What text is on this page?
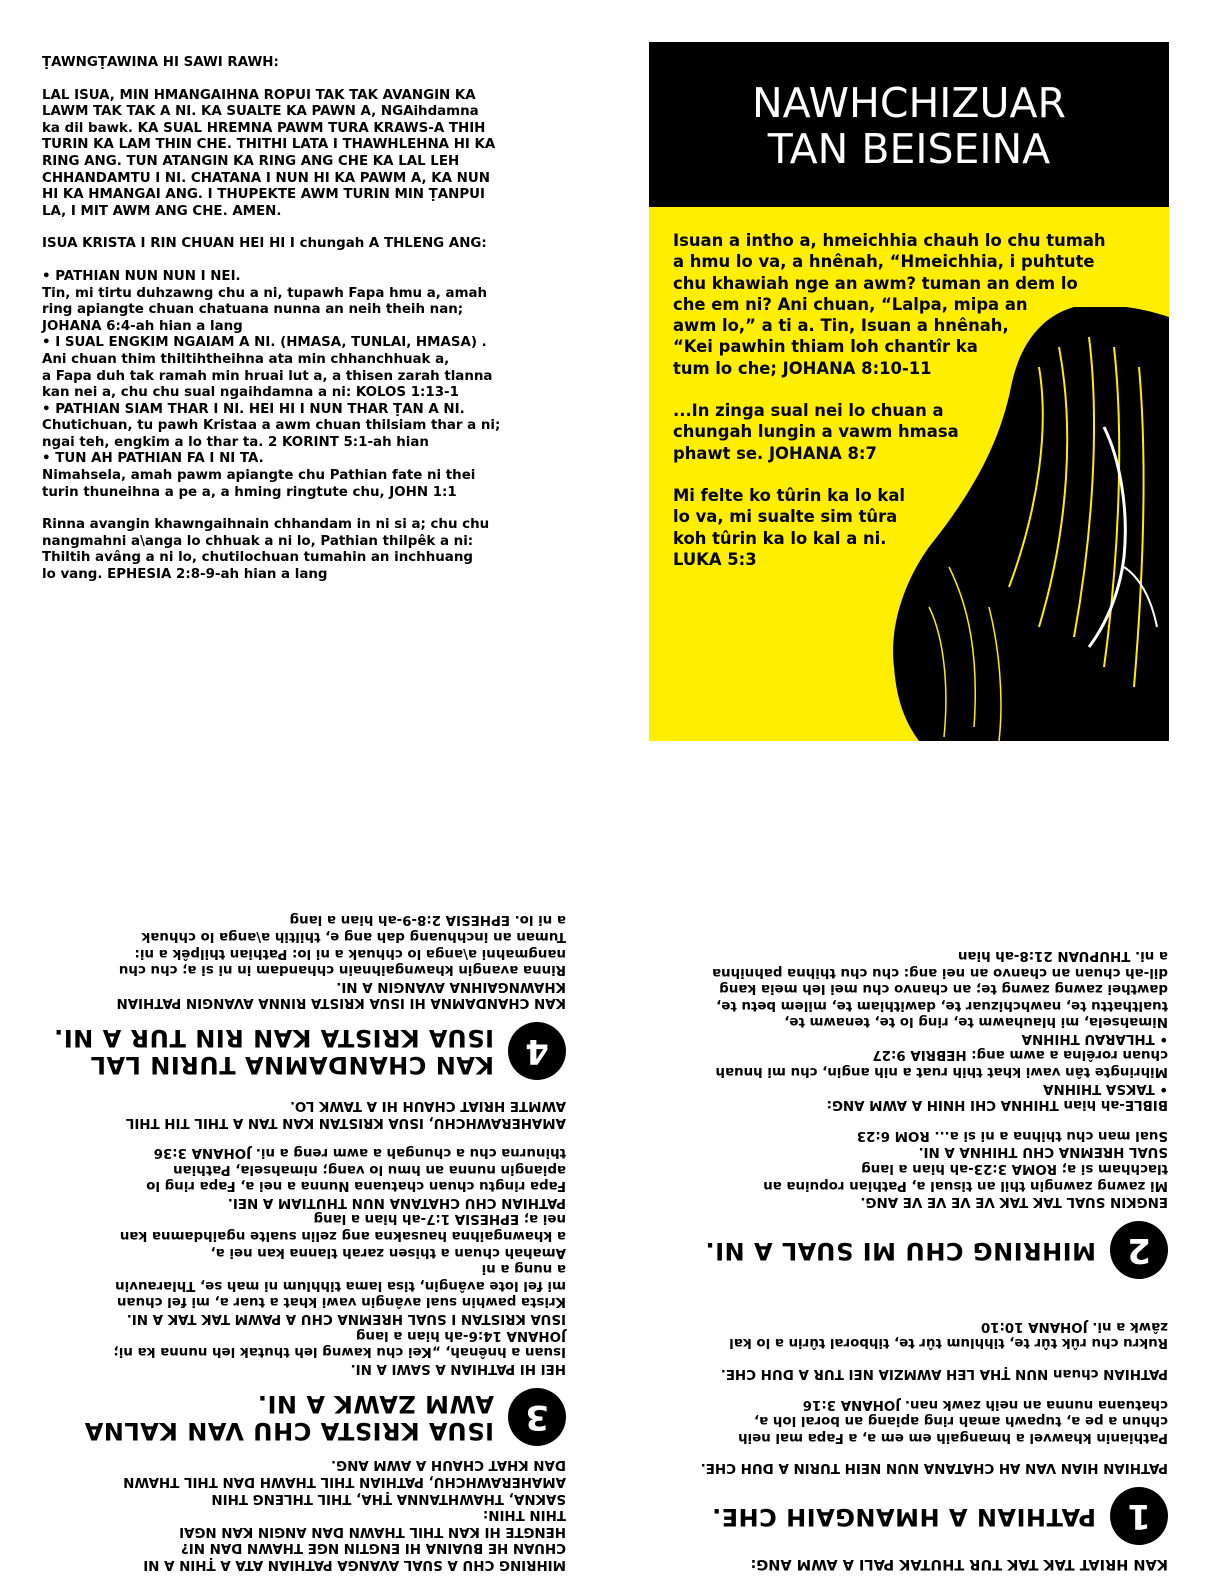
ṬAWNGṬAWINA HI SAWI RAWH:

LAL ISUA, MIN HMANGAIHNA ROPUI TAK TAK AVANGIN KA
LAWM TAK TAK A NI. KA SUALTE KA PAWN A, NGAihdamna
ka dil bawk. KA SUAL HREMNA PAWM TURA KRAWS-A THIH
TURIN KA LAM THIN CHE. THITHI LATA I THAWHLEHNA HI KA
RING ANG. TUN ATANGIN KA RING ANG CHE KA LAL LEH
CHHANDAMTU I NI. CHATANA I NUN HI KA PAWM A, KA NUN
HI KA HMANGAI ANG. I THUPEKTE AWM TURIN MIN ṬANPUI
LA, I MIT AWM ANG CHE. AMEN.

ISUA KRISTA I RIN CHUAN HEI HI I chungah A THLENG ANG:

• PATHIAN NUN NUN I NEI.
Tin, mi tirtu duhzawng chu a ni, tupawh Fapa hmu a, amah
ring apiangte chuan chatuana nunna an neih theih nan;
JOHANA 6:4-ah hian a lang
• I SUAL ENGKIM NGAIAM A NI. (HMASA, TUNLAI, HMASA) .
Ani chuan thim thiltihtheihna ata min chhanchhuak a,
a Fapa duh tak ramah min hruai lut a, a thisen zarah tlanna
kan nei a, chu chu sual ngaihdamna a ni: KOLOS 1:13-1
• PATHIAN SIAM THAR I NI. HEI HI I NUN THAR ṬAN A NI.
Chutichuan, tu pawh Kristaa a awm chuan thilsiam thar a ni;
ngai teh, engkim a lo thar ta. 2 KORINT 5:1-ah hian
• TUN AH PATHIAN FA I NI TA.
Nimahsela, amah pawm apiangte chu Pathian fate ni thei
turin thuneihna a pe a, a hming ringtute chu, JOHN 1:1

Rinna avangin khawngaihnain chhandam in ni si a; chu chu
nangmahni a\anga lo chhuak a ni lo, Pathian thilpêk a ni:
Thiltih avâng a ni lo, chutilochuan tumahin an inchhuang
lo vang. EPHESIA 2:8-9-ah hian a lang

NAWHCHIZUAR
TAN BEISEINA

Isuan a intho a, hmeichhia chauh lo chu tumah
a hmu lo va, a hnênah, “Hmeichhia, i puhtute
chu khawiah nge an awm? tuman an dem lo
che em ni? Ani chuan, “Lalpa, mipa an
awm lo,” a ti a. Tin, Isuan a hnênah,
“Kei pawhin thiam loh chantîr ka
tum lo che; JOHANA 8:10-11

...In zinga sual nei lo chuan a
chungah lungin a vawm hmasa
phawt se. JOHANA 8:7

Mi felte ko tûrin ka lo kal
lo va, mi sualte sim tûra
koh tûrin ka lo kal a ni.
LUKA 5:3

KAN HRIAT TAK TAK TUR THUTAK PALI A AWM ANG:

1
PATHIAN A HMANGAIH CHE.

PATHIAN HIAN VAN AH CHATANA NUN NEIH TURIN A DUH CHE.

Pathianin khawvel a hmangaih em em a, a Fapa mal neih
chhun a pe a, tupawh amah ring apiang an boral loh a,
chatuana nunna an neih zawk nan. JOHANA 3:16

PATHIAN chuan NUN ṬHA LEH AWMZIA NEI TUR A DUH CHE.

Rukru chu rûk tûr te, tihhlum tûr te, tihboral tûrin a lo kal
zâwk a ni. JOHANA 10:10

2
MIHRING CHU MI SUAL A NI.

ENGKIN SUAL TAK TAK VE VE VE VE ANG.

Mi zawng zawngin thil an tisual a, Pathian ropuina an
tlachham si a; ROMA 3:23-ah hian a lang

SUAL HREMNA CHU THIHNA A NI.

Sual man chu thihna a ni si a... ROM 6:23

BIBLE-ah hian THIHNA CHI HNIH A AWM ANG:

• TAKSA THIHNA
Mihringte tân vawi khat thih ruat a nih angin, chu mi hnuah
chuan rorêlna a awm ang: HEBRIA 9:27
• THLARAU THIHNA
Nimahsela, mi hlauhawm te, ring lo te, tenawm te,
tualthattu te, nawhchizuar te, dawithiam te, milem betu te,
dawthei zawng zawng te; an chanvo chu mei leh meia kang
dil-ah chuan an chanvo an nei ang: chu chu thihna pahnihna
a ni. THUPUAN 21:8-ah hian

MIHRING CHU A SUAL AVANGA PATHIAN ATA A ṬHIN A NI
CHUAN HE BUAINA HI ENGTIN NGE THAWN DAN NI?
HENGTE HI KAN THIL THAWN DAN ANGIN KAN NGAI
THIN THIN:
SAKNA, THAWHTANNA ṬHA, THIL THLENG THIN
AMAHERAWHCHU, PATHIAN THIL THAWH DAN THIL THAWN
DAN KHAT CHAUH A AWM ANG.

3
ISUA KRISTA CHU VAN KALNA
AWM ZAWK A NI.

HEI HI PATHIAN A SAWI A NI.

Isuan a hnênah, „Kei chu kawng leh thutak leh nunna ka ni;
JOHANA 14:6-ah hian a lang

ISUA KRISTAN I SUAL HREMNA CHU A PAWM TAK TAK A NI.

Krista pawhin sual avângin vawi khat a tuar a, mi fel chuan
mi fel lote avângin, tisa lama tihhlum ni mah se, Thlarauvin
a nung a ni
Amahah chuan a thisen zarah tlanna kan nei a,
a khawngaihna hausakna ang zelin sualte ngaihdamna kan
nei a; EPHESIA 1:7-ah hian a lang

PATHIAN CHU CHATANA NUN THUTIAM A NEI.

Fapa ringtu chuan chatuana Nunna a nei a, Fapa ring lo
apiangin nunna an hmu lo vang; nimahsela, Pathian
thinurna chu a chungah a awm reng a ni. JOHANA 3:36

AMAHERAWHCHU, ISUA KRISTAN KAN TAN A THIL TIH THIL
AWMTE HRIAT CHAUH HI A TAWK LO.

4
KAN CHANDAMNA TURIN LAL
ISUA KRISTA KAN RIN TUR A NI.

KAN CHANDAMNA HI ISUA KRISTA RINNA AVANGIN PATHIAN
KHAWNGAIHNA AVANGIN A NI.

Rinna avangin khawngaihnain chhandam in ni si a; chu chu
nangmahni a\anga lo chhuak a ni lo: Pathian thilpêk a ni:
Tuman an inchhuang dah ang e, thiltih a\anga lo chhuak
a ni lo. EPHESIA 2:8-9-ah hian a lang
